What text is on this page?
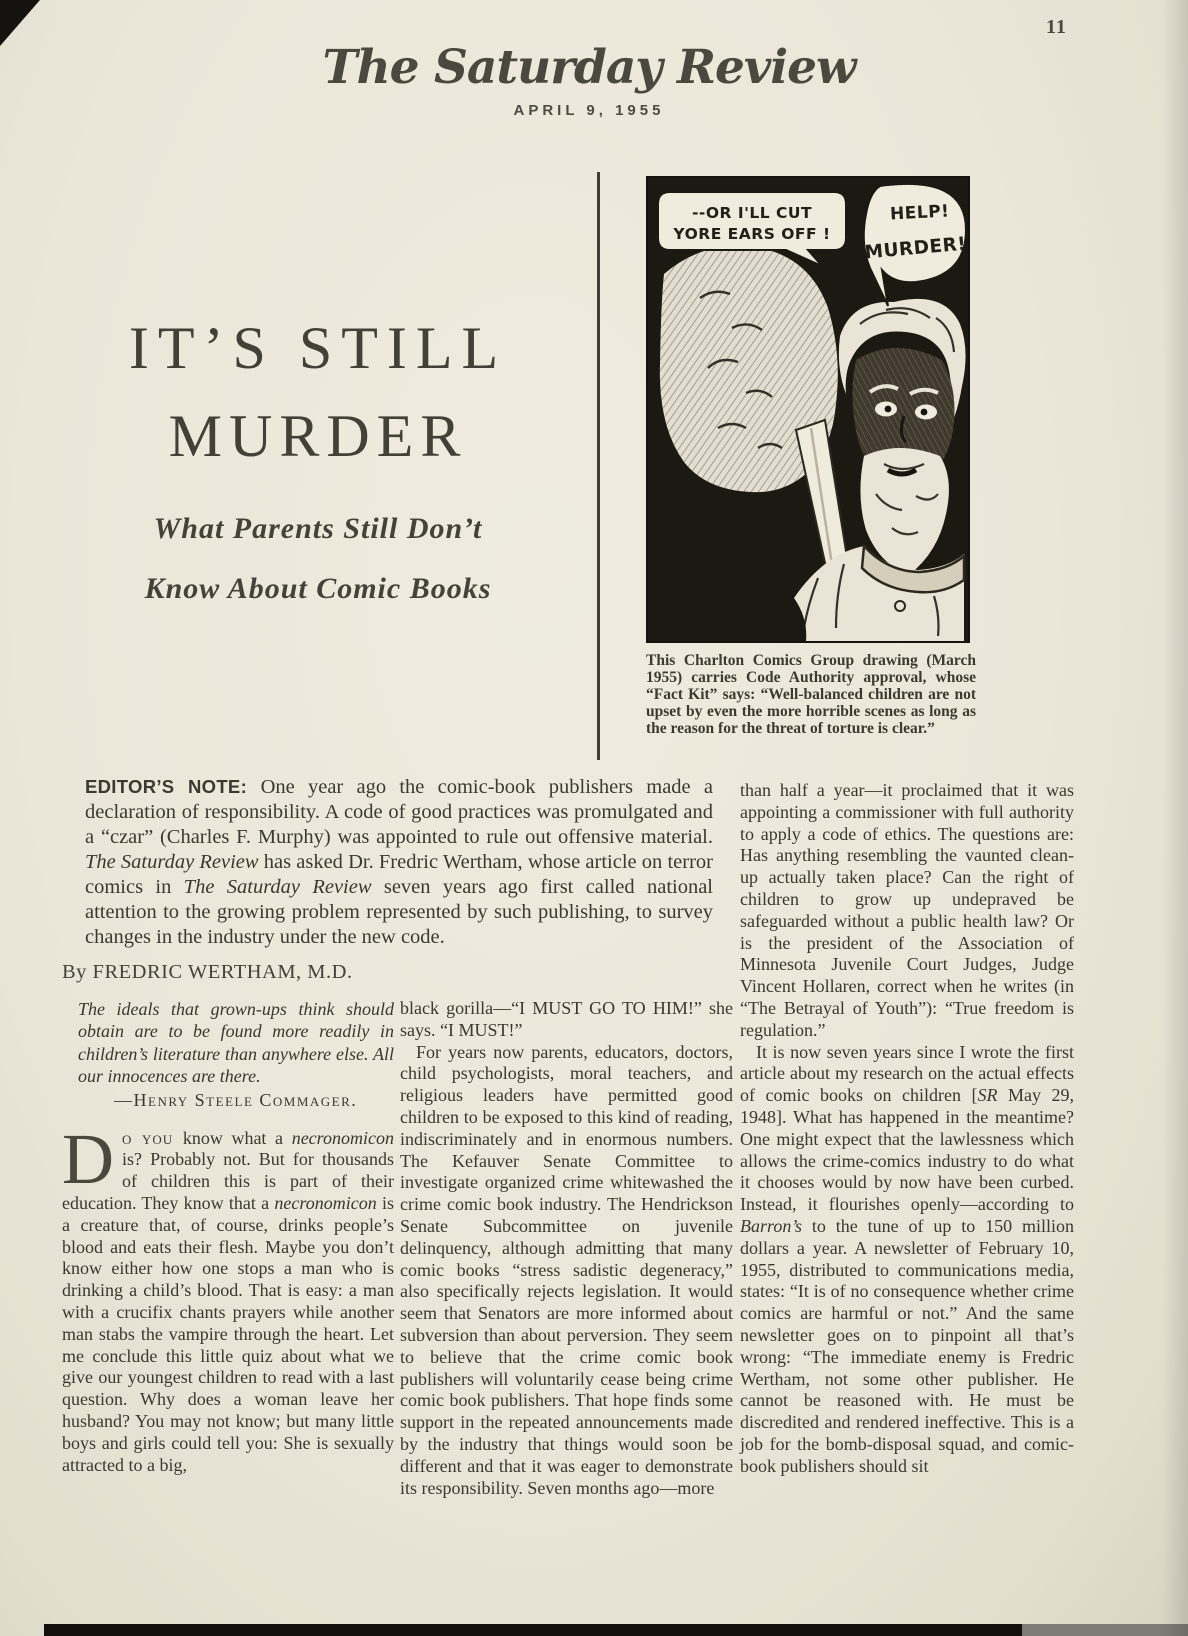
11
The Saturday Review
APRIL 9, 1955
IT’S STILL
MURDER
What Parents Still Don’t
Know About Comic Books
--OR I'LL CUT
YORE EARS OFF !
HELP!
MURDER!
This Charlton Comics Group drawing (March 1955) carries Code Authority approval, whose “Fact Kit” says: “Well-balanced children are not upset by even the more horrible scenes as long as the reason for the threat of torture is clear.”
EDITOR’S NOTE: One year ago the comic-book publishers made a declaration of responsibility. A code of good practices was promulgated and a “czar” (Charles F. Murphy) was appointed to rule out offensive material. The Saturday Review has asked Dr. Fredric Wertham, whose article on terror comics in The Saturday Review seven years ago first called national attention to the growing problem represented by such publishing, to survey changes in the industry under the new code.
By FREDRIC WERTHAM, M.D.
The ideals that grown-ups think should obtain are to be found more readily in children’s literature than anywhere else. All our innocences are there.
—Henry Steele Commager.

Do you know what a necronomicon is? Probably not. But for thousands of children this is part of their education. They know that a necronomicon is a creature that, of course, drinks people’s blood and eats their flesh. Maybe you don’t know either how one stops a man who is drinking a child’s blood. That is easy: a man with a crucifix chants prayers while another man stabs the vampire through the heart. Let me conclude this little quiz about what we give our youngest children to read with a last question. Why does a woman leave her husband? You may not know; but many little boys and girls could tell you: She is sexually attracted to a big,

black gorilla—“I MUST GO TO HIM!” she says. “I MUST!”

For years now parents, educators, doctors, child psychologists, moral teachers, and religious leaders have permitted good children to be exposed to this kind of reading, indiscriminately and in enormous numbers. The Kefauver Senate Committee to investigate organized crime whitewashed the crime comic book industry. The Hendrickson Senate Subcommittee on juvenile delinquency, although admitting that many comic books “stress sadistic degeneracy,” also specifically rejects legislation. It would seem that Senators are more informed about subversion than about perversion. They seem to believe that the crime comic book publishers will voluntarily cease being crime comic book publishers. That hope finds some support in the repeated announcements made by the industry that things would soon be different and that it was eager to demonstrate its responsibility. Seven months ago—more

than half a year—it proclaimed that it was appointing a commissioner with full authority to apply a code of ethics. The questions are: Has anything resembling the vaunted clean-up actually taken place? Can the right of children to grow up undepraved be safeguarded without a public health law? Or is the president of the Association of Minnesota Juvenile Court Judges, Judge Vincent Hollaren, correct when he writes (in “The Betrayal of Youth”): “True freedom is regulation.”

It is now seven years since I wrote the first article about my research on the actual effects of comic books on children [SR May 29, 1948]. What has happened in the meantime? One might expect that the lawlessness which allows the crime-comics industry to do what it chooses would by now have been curbed. Instead, it flourishes openly—according to Barron’s to the tune of up to 150 million dollars a year. A newsletter of February 10, 1955, distributed to communications media, states: “It is of no consequence whether crime comics are harmful or not.” And the same newsletter goes on to pinpoint all that’s wrong: “The immediate enemy is Fredric Wertham, not some other publisher. He cannot be reasoned with. He must be discredited and rendered ineffective. This is a job for the bomb-disposal squad, and comic-book publishers should sit
